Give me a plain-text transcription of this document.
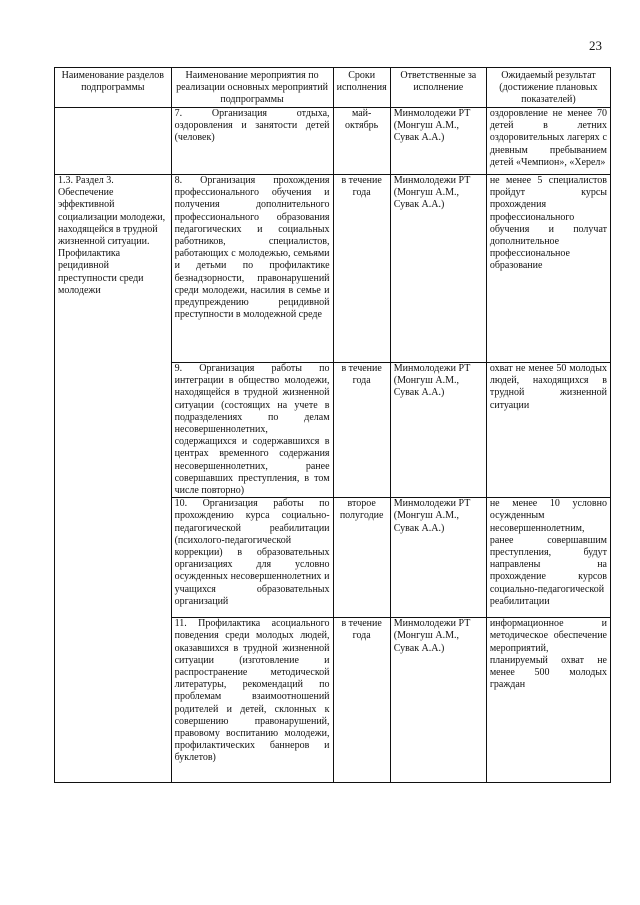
23
Наименование разделов подпрограммы	Наименование мероприятия по реализации основных мероприятий подпрограммы	Сроки исполнения	Ответственные за исполнение	Ожидаемый результат (достижение плановых показателей)
	7. Организация отдыха, оздоровления и занятости детей (человек)	май-октябрь	Минмолодежи РТ (Монгуш А.М., Сувак А.А.)	оздоровление не менее 70 детей в летних оздоровительных лагерях с дневным пребыванием детей «Чемпион», «Херел»
1.3. Раздел 3. Обеспечение эффективной социализации молодежи, находящейся в трудной жизненной ситуации. Профилактика рецидивной преступности среди молодежи	8. Организация прохождения профессионального обучения и получения дополнительного профессионального образования педагогических и социальных работников, специалистов, работающих с молодежью, семьями и детьми по профилактике безнадзорности, правонарушений среди молодежи, насилия в семье и предупреждению рецидивной преступности в молодежной среде	в течение года	Минмолодежи РТ (Монгуш А.М., Сувак А.А.)	не менее 5 специалистов пройдут курсы прохождения профессионального обучения и получат дополнительное профессиональное образование
	9. Организация работы по интеграции в общество молодежи, находящейся в трудной жизненной ситуации (состоящих на учете в подразделениях по делам несовершеннолетних, содержащихся и содержавшихся в центрах временного содержания несовершеннолетних, ранее совершавших преступления, в том числе повторно)	в течение года	Минмолодежи РТ (Монгуш А.М., Сувак А.А.)	охват не менее 50 молодых людей, находящихся в трудной жизненной ситуации
	10. Организация работы по прохождению курса социально-педагогической реабилитации (психолого-педагогической коррекции) в образовательных организациях для условно осужденных несовершеннолетних и учащихся образовательных организаций	второе полугодие	Минмолодежи РТ (Монгуш А.М., Сувак А.А.)	не менее 10 условно осужденным несовершеннолетним, ранее совершавшим преступления, будут направлены на прохождение курсов социально-педагогической реабилитации
	11. Профилактика асоциального поведения среди молодых людей, оказавшихся в трудной жизненной ситуации (изготовление и распространение методической литературы, рекомендаций по проблемам взаимоотношений родителей и детей, склонных к совершению правонарушений, правовому воспитанию молодежи, профилактических баннеров и буклетов)	в течение года	Минмолодежи РТ (Монгуш А.М., Сувак А.А.)	информационное и методическое обеспечение мероприятий, планируемый охват не менее 500 молодых граждан
